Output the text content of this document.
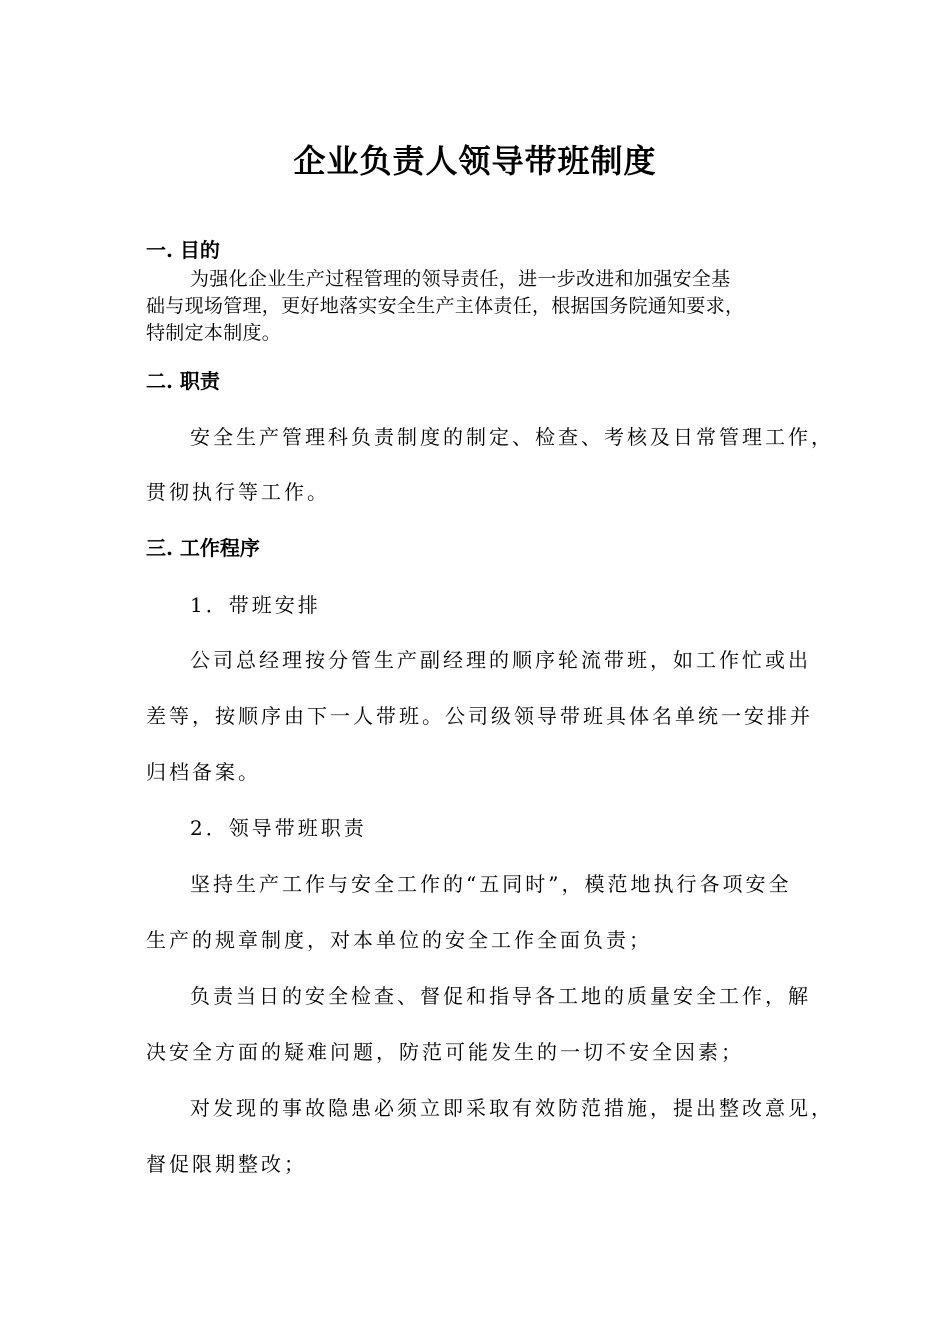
企业负责人领导带班制度
一. 目的
为强化企业生产过程管理的领导责任，进一步改进和加强安全基
础与现场管理，更好地落实安全生产主体责任，根据国务院通知要求，
特制定本制度。
二. 职责
安全生产管理科负责制度的制定、检查、考核及日常管理工作，
贯彻执行等工作。
三. 工作程序
1．带班安排
公司总经理按分管生产副经理的顺序轮流带班，如工作忙或出
差等，按顺序由下一人带班。公司级领导带班具体名单统一安排并
归档备案。
2．领导带班职责
坚持生产工作与安全工作的“五同时”，模范地执行各项安全
生产的规章制度，对本单位的安全工作全面负责；
负责当日的安全检查、督促和指导各工地的质量安全工作，解
决安全方面的疑难问题，防范可能发生的一切不安全因素；
对发现的事故隐患必须立即采取有效防范措施，提出整改意见，
督促限期整改；
